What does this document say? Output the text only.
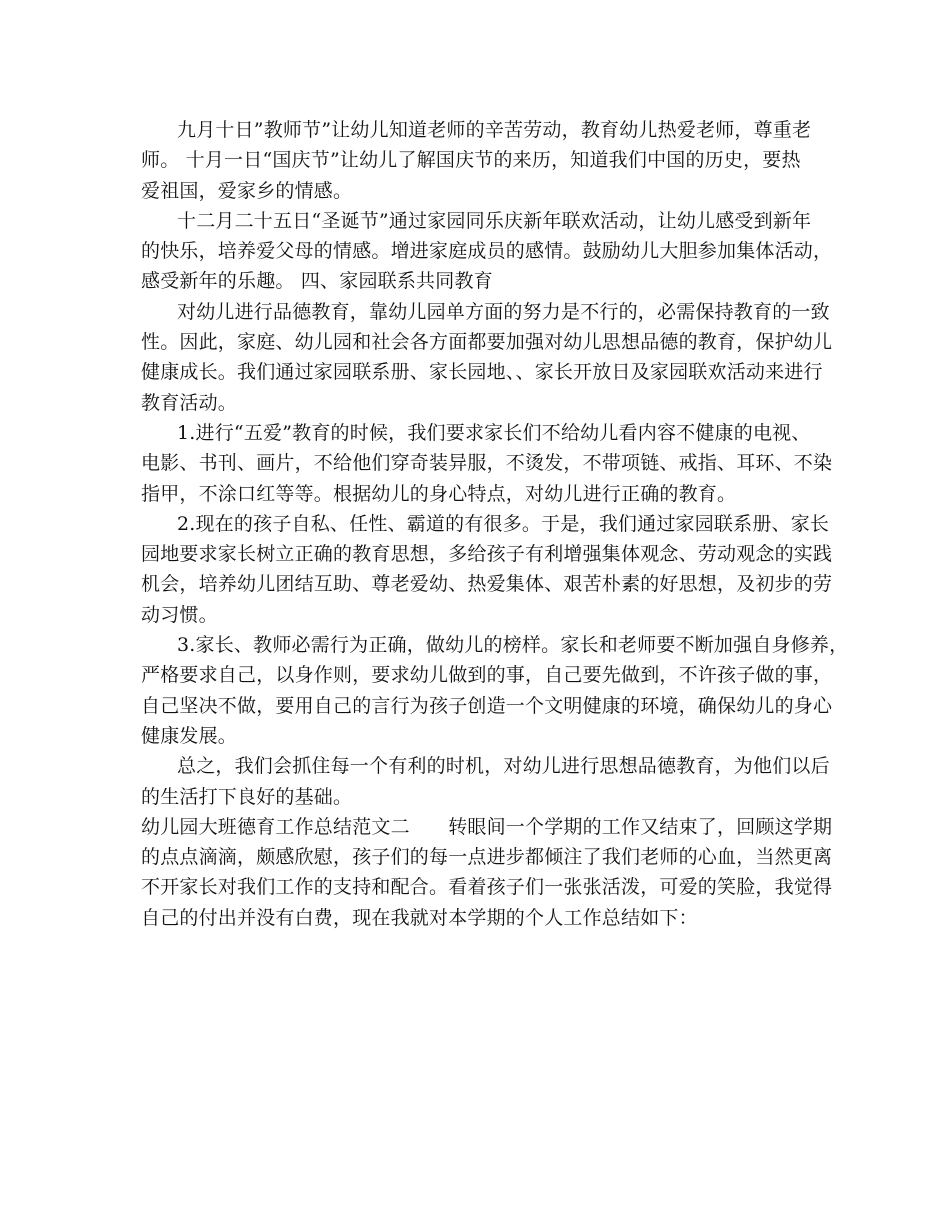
九月十日”教师节”让幼儿知道老师的辛苦劳动，教育幼儿热爱老师，尊重老
师。 十月一日“国庆节”让幼儿了解国庆节的来历，知道我们中国的历史，要热
爱祖国，爱家乡的情感。
十二月二十五日“圣诞节”通过家园同乐庆新年联欢活动，让幼儿感受到新年
的快乐，培养爱父母的情感。增进家庭成员的感情。鼓励幼儿大胆参加集体活动，
感受新年的乐趣。 四、家园联系共同教育
对幼儿进行品德教育，靠幼儿园单方面的努力是不行的，必需保持教育的一致
性。因此，家庭、幼儿园和社会各方面都要加强对幼儿思想品德的教育，保护幼儿
健康成长。我们通过家园联系册、家长园地、、家长开放日及家园联欢活动来进行
教育活动。
1.进行“五爱”教育的时候，我们要求家长们不给幼儿看内容不健康的电视、
电影、书刊、画片，不给他们穿奇装异服，不烫发，不带项链、戒指、耳环、不染
指甲，不涂口红等等。根据幼儿的身心特点，对幼儿进行正确的教育。
2.现在的孩子自私、任性、霸道的有很多。于是，我们通过家园联系册、家长
园地要求家长树立正确的教育思想，多给孩子有利增强集体观念、劳动观念的实践
机会，培养幼儿团结互助、尊老爱幼、热爱集体、艰苦朴素的好思想，及初步的劳
动习惯。
3.家长、教师必需行为正确，做幼儿的榜样。家长和老师要不断加强自身修养，
严格要求自己，以身作则，要求幼儿做到的事，自己要先做到，不许孩子做的事，
自己坚决不做，要用自己的言行为孩子创造一个文明健康的环境，确保幼儿的身心
健康发展。
总之，我们会抓住每一个有利的时机，对幼儿进行思想品德教育，为他们以后
的生活打下良好的基础。
幼儿园大班德育工作总结范文二　　转眼间一个学期的工作又结束了，回顾这学期
的点点滴滴，颇感欣慰，孩子们的每一点进步都倾注了我们老师的心血，当然更离
不开家长对我们工作的支持和配合。看着孩子们一张张活泼，可爱的笑脸，我觉得
自己的付出并没有白费，现在我就对本学期的个人工作总结如下：
